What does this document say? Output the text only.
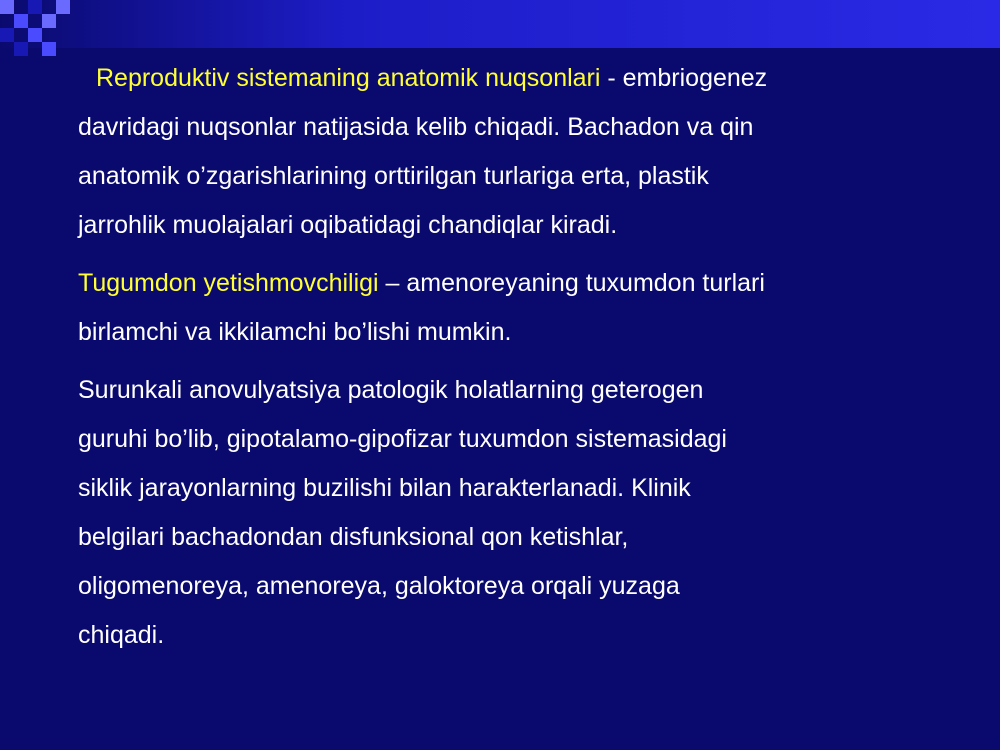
Reproduktiv sistemaning anatomik nuqsonlari - embriogenez
davridagi nuqsonlar natijasida kelib chiqadi. Bachadon va qin
anatomik o’zgarishlarining orttirilgan turlariga erta, plastik
jarrohlik muolajalari oqibatidagi chandiqlar kiradi.
Tugumdon yetishmovchiligi – amenoreyaning tuxumdon turlari
birlamchi va ikkilamchi bo’lishi mumkin.
Surunkali anovulyatsiya patologik holatlarning geterogen
guruhi bo’lib, gipotalamo-gipofizar tuxumdon sistemasidagi
siklik jarayonlarning buzilishi bilan harakterlanadi. Klinik
belgilari bachadondan disfunksional qon ketishlar,
oligomenoreya, amenoreya, galoktoreya orqali yuzaga
chiqadi.
